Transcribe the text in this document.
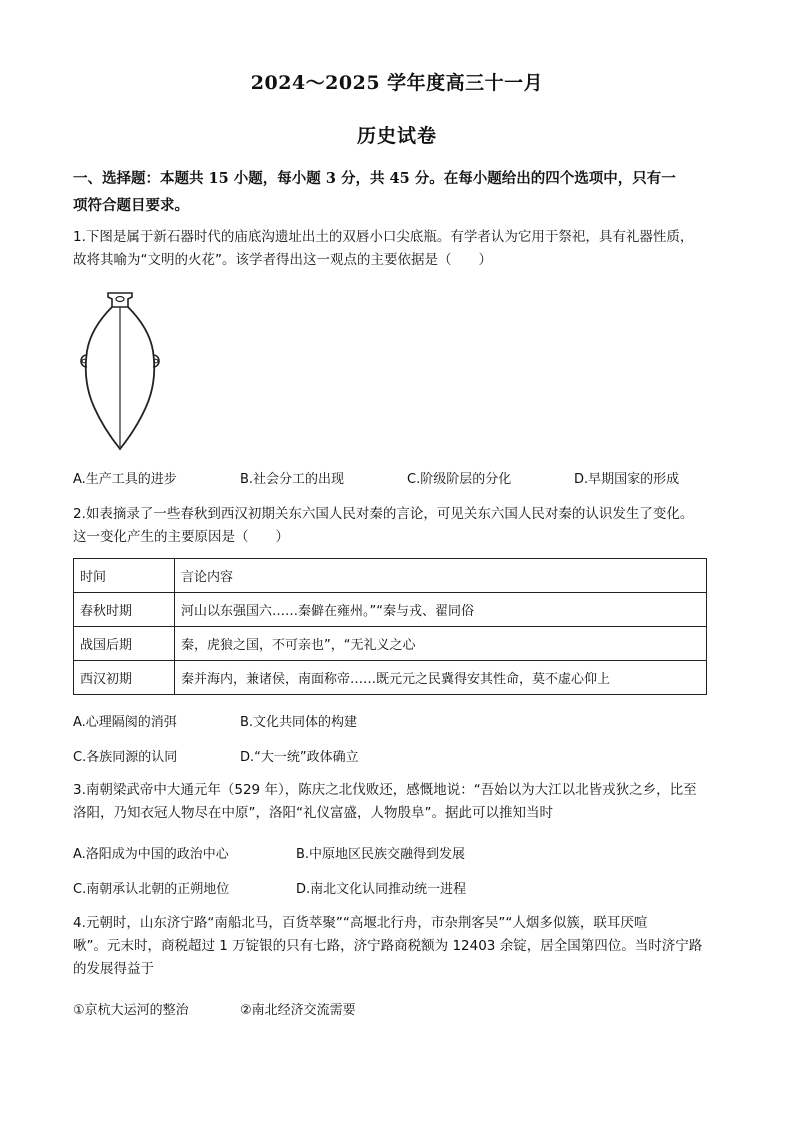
2024～2025 学年度高三十一月
历史试卷
一、选择题：本题共 15 小题，每小题 3 分，共 45 分。在每小题给出的四个选项中，只有一
项符合题目要求。
1.下图是属于新石器时代的庙底沟遗址出土的双唇小口尖底瓶。有学者认为它用于祭祀，具有礼器性质，
故将其喻为“文明的火花”。该学者得出这一观点的主要依据是（　　）
A.生产工具的进步	B.社会分工的出现	C.阶级阶层的分化	D.早期国家的形成
2.如表摘录了一些春秋到西汉初期关东六国人民对秦的言论，可见关东六国人民对秦的认识发生了变化。
这一变化产生的主要原因是（　　）
时间	言论内容
春秋时期	河山以东强国六……秦僻在雍州。”“秦与戎、翟同俗
战国后期	秦，虎狼之国，不可亲也”，“无礼义之心
西汉初期	秦并海内，兼诸侯，南面称帝……既元元之民冀得安其性命，莫不虚心仰上
A.心理隔阂的消弭	B.文化共同体的构建
C.各族同源的认同	D.“大一统”政体确立
3.南朝梁武帝中大通元年（529 年），陈庆之北伐败还，感慨地说：“吾始以为大江以北皆戎狄之乡，比至
洛阳，乃知衣冠人物尽在中原”，洛阳“礼仪富盛，人物殷阜”。据此可以推知当时
A.洛阳成为中国的政治中心	B.中原地区民族交融得到发展
C.南朝承认北朝的正朔地位	D.南北文化认同推动统一进程
4.元朝时，山东济宁路“南船北马，百货萃聚”“高堰北行舟，市杂荆客吴”“人烟多似簇，联耳厌喧
啾”。元末时，商税超过 1 万锭银的只有七路，济宁路商税额为 12403 余锭，居全国第四位。当时济宁路
的发展得益于
①京杭大运河的整治	②南北经济交流需要
